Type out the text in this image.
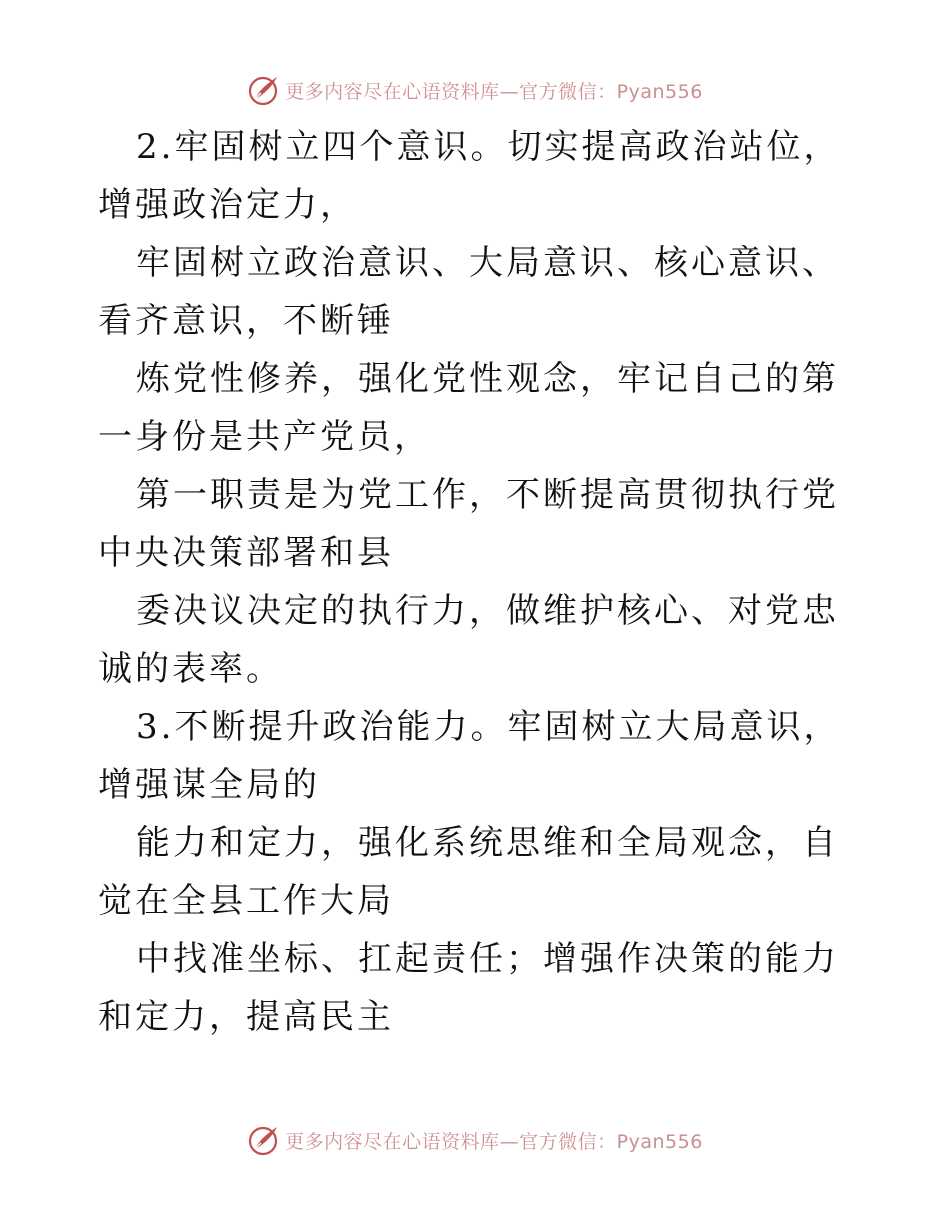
更多内容尽在心语资料库—官方微信：Pyan556

2.牢固树立四个意识。切实提高政治站位，增强政治定力，

牢固树立政治意识、大局意识、核心意识、看齐意识，不断锤

炼党性修养，强化党性观念，牢记自己的第一身份是共产党员，

第一职责是为党工作，不断提高贯彻执行党中央决策部署和县

委决议决定的执行力，做维护核心、对党忠诚的表率。

3.不断提升政治能力。牢固树立大局意识，增强谋全局的

能力和定力，强化系统思维和全局观念，自觉在全县工作大局

中找准坐标、扛起责任；增强作决策的能力和定力，提高民主

更多内容尽在心语资料库—官方微信：Pyan556
